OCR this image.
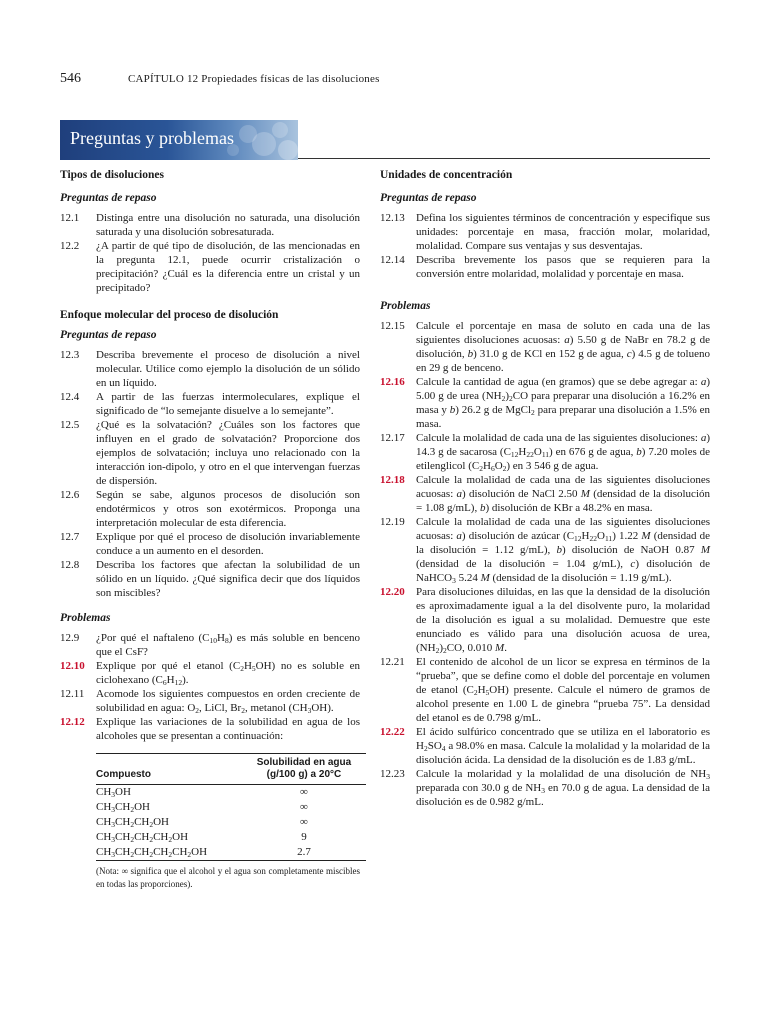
546	CAPÍTULO 12 Propiedades físicas de las disoluciones
Preguntas y problemas
Tipos de disoluciones
Preguntas de repaso
12.1	Distinga entre una disolución no saturada, una disolución saturada y una disolución sobresaturada.
12.2	¿A partir de qué tipo de disolución, de las mencionadas en la pregunta 12.1, puede ocurrir cristalización o precipitación? ¿Cuál es la diferencia entre un cristal y un precipitado?
Enfoque molecular del proceso de disolución
Preguntas de repaso
12.3	Describa brevemente el proceso de disolución a nivel molecular. Utilice como ejemplo la disolución de un sólido en un líquido.
12.4	A partir de las fuerzas intermoleculares, explique el significado de “lo semejante disuelve a lo semejante”.
12.5	¿Qué es la solvatación? ¿Cuáles son los factores que influyen en el grado de solvatación? Proporcione dos ejemplos de solvatación; incluya uno relacionado con la interacción ion-dipolo, y otro en el que intervengan fuerzas de dispersión.
12.6	Según se sabe, algunos procesos de disolución son endotérmicos y otros son exotérmicos. Proponga una interpretación molecular de esta diferencia.
12.7	Explique por qué el proceso de disolución invariablemente conduce a un aumento en el desorden.
12.8	Describa los factores que afectan la solubilidad de un sólido en un líquido. ¿Qué significa decir que dos líquidos son miscibles?
Problemas
12.9	¿Por qué el naftaleno $(C_{10}H_8)$ es más soluble en benceno que el CsF?
12.10	Explique por qué el etanol $(C_2H_5OH)$ no es soluble en ciclohexano $(C_6H_{12})$.
12.11	Acomode los siguientes compuestos en orden creciente de solubilidad en agua: $O_2$, LiCl, $Br_2$, metanol $(CH_3OH)$.
12.12	Explique las variaciones de la solubilidad en agua de los alcoholes que se presentan a continuación:
Compuesto	Solubilidad en agua
(g/100 g) a 20°C
$CH_3OH$	∞
$CH_3CH_2OH$	∞
$CH_3CH_2CH_2OH$	∞
$CH_3CH_2CH_2CH_2OH$	9
$CH_3CH_2CH_2CH_2CH_2OH$	2.7
(Nota: ∞ significa que el alcohol y el agua son completamente miscibles en todas las proporciones).
Unidades de concentración
Preguntas de repaso
12.13	Defina los siguientes términos de concentración y especifique sus unidades: porcentaje en masa, fracción molar, molaridad, molalidad. Compare sus ventajas y sus desventajas.
12.14	Describa brevemente los pasos que se requieren para la conversión entre molaridad, molalidad y porcentaje en masa.
Problemas
12.15	Calcule el porcentaje en masa de soluto en cada una de las siguientes disoluciones acuosas: a) 5.50 g de NaBr en 78.2 g de disolución, b) 31.0 g de KCl en 152 g de agua, c) 4.5 g de tolueno en 29 g de benceno.
12.16	Calcule la cantidad de agua (en gramos) que se debe agregar a: a) 5.00 g de urea $(NH_2)_2CO$ para preparar una disolución a 16.2% en masa y b) 26.2 g de MgCl$_2$ para preparar una disolución a 1.5% en masa.
12.17	Calcule la molalidad de cada una de las siguientes disoluciones: a) 14.3 g de sacarosa $(C_{12}H_{22}O_{11})$ en 676 g de agua, b) 7.20 moles de etilenglicol $(C_2H_6O_2)$ en 3 546 g de agua.
12.18	Calcule la molalidad de cada una de las siguientes disoluciones acuosas: a) disolución de NaCl 2.50 M (densidad de la disolución = 1.08 g/mL), b) disolución de KBr a 48.2% en masa.
12.19	Calcule la molalidad de cada una de las siguientes disoluciones acuosas: a) disolución de azúcar $(C_{12}H_{22}O_{11})$ 1.22 M (densidad de la disolución = 1.12 g/mL), b) disolución de NaOH 0.87 M (densidad de la disolución = 1.04 g/mL), c) disolución de NaHCO$_3$ 5.24 M (densidad de la disolución = 1.19 g/mL).
12.20	Para disoluciones diluidas, en las que la densidad de la disolución es aproximadamente igual a la del disolvente puro, la molaridad de la disolución es igual a su molalidad. Demuestre que este enunciado es válido para una disolución acuosa de urea, $(NH_2)_2CO$, 0.010 M.
12.21	El contenido de alcohol de un licor se expresa en términos de la “prueba”, que se define como el doble del porcentaje en volumen de etanol $(C_2H_5OH)$ presente. Calcule el número de gramos de alcohol presente en 1.00 L de ginebra “prueba 75”. La densidad del etanol es de 0.798 g/mL.
12.22	El ácido sulfúrico concentrado que se utiliza en el laboratorio es $H_2SO_4$ a 98.0% en masa. Calcule la molalidad y la molaridad de la disolución ácida. La densidad de la disolución es de 1.83 g/mL.
12.23	Calcule la molaridad y la molalidad de una disolución de $NH_3$ preparada con 30.0 g de $NH_3$ en 70.0 g de agua. La densidad de la disolución es de 0.982 g/mL.
